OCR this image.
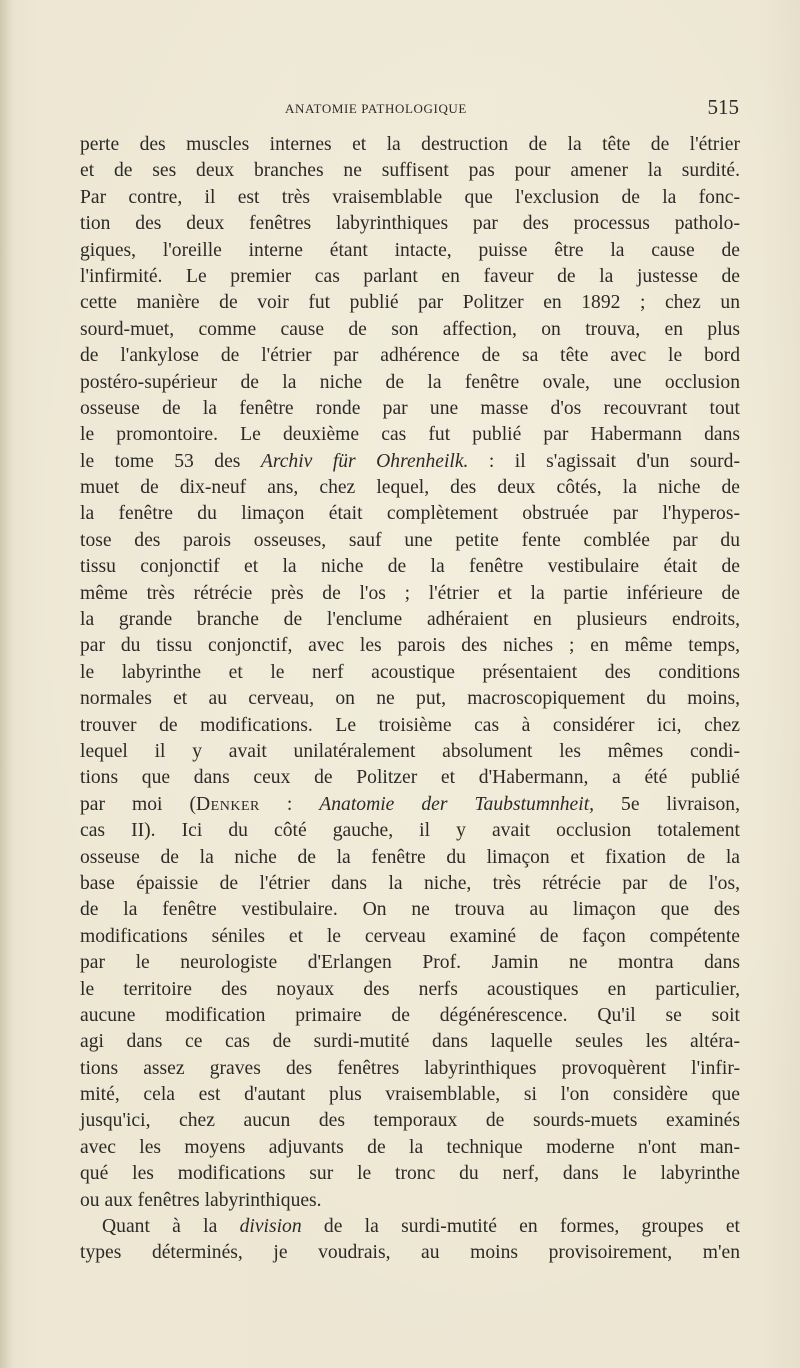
ANATOMIE PATHOLOGIQUE	515
perte des muscles internes et la destruction de la tête de l'étrier
et de ses deux branches ne suffisent pas pour amener la surdité.
Par contre, il est très vraisemblable que l'exclusion de la fonc-
tion des deux fenêtres labyrinthiques par des processus patholo-
giques, l'oreille interne étant intacte, puisse être la cause de
l'infirmité. Le premier cas parlant en faveur de la justesse de
cette manière de voir fut publié par Politzer en 1892 ; chez un
sourd-muet, comme cause de son affection, on trouva, en plus
de l'ankylose de l'étrier par adhérence de sa tête avec le bord
postéro-supérieur de la niche de la fenêtre ovale, une occlusion
osseuse de la fenêtre ronde par une masse d'os recouvrant tout
le promontoire. Le deuxième cas fut publié par Habermann dans
le tome 53 des Archiv für Ohrenheilk. : il s'agissait d'un sourd-
muet de dix-neuf ans, chez lequel, des deux côtés, la niche de
la fenêtre du limaçon était complètement obstruée par l'hyperos-
tose des parois osseuses, sauf une petite fente comblée par du
tissu conjonctif et la niche de la fenêtre vestibulaire était de
même très rétrécie près de l'os ; l'étrier et la partie inférieure de
la grande branche de l'enclume adhéraient en plusieurs endroits,
par du tissu conjonctif, avec les parois des niches ; en même temps,
le labyrinthe et le nerf acoustique présentaient des conditions
normales et au cerveau, on ne put, macroscopiquement du moins,
trouver de modifications. Le troisième cas à considérer ici, chez
lequel il y avait unilatéralement absolument les mêmes condi-
tions que dans ceux de Politzer et d'Habermann, a été publié
par moi (Denker : Anatomie der Taubstumnheit, 5e livraison,
cas II). Ici du côté gauche, il y avait occlusion totalement
osseuse de la niche de la fenêtre du limaçon et fixation de la
base épaissie de l'étrier dans la niche, très rétrécie par de l'os,
de la fenêtre vestibulaire. On ne trouva au limaçon que des
modifications séniles et le cerveau examiné de façon compétente
par le neurologiste d'Erlangen Prof. Jamin ne montra dans
le territoire des noyaux des nerfs acoustiques en particulier,
aucune modification primaire de dégénérescence. Qu'il se soit
agi dans ce cas de surdi-mutité dans laquelle seules les altéra-
tions assez graves des fenêtres labyrinthiques provoquèrent l'infir-
mité, cela est d'autant plus vraisemblable, si l'on considère que
jusqu'ici, chez aucun des temporaux de sourds-muets examinés
avec les moyens adjuvants de la technique moderne n'ont man-
qué les modifications sur le tronc du nerf, dans le labyrinthe
ou aux fenêtres labyrinthiques.
Quant à la division de la surdi-mutité en formes, groupes et
types déterminés, je voudrais, au moins provisoirement, m'en
